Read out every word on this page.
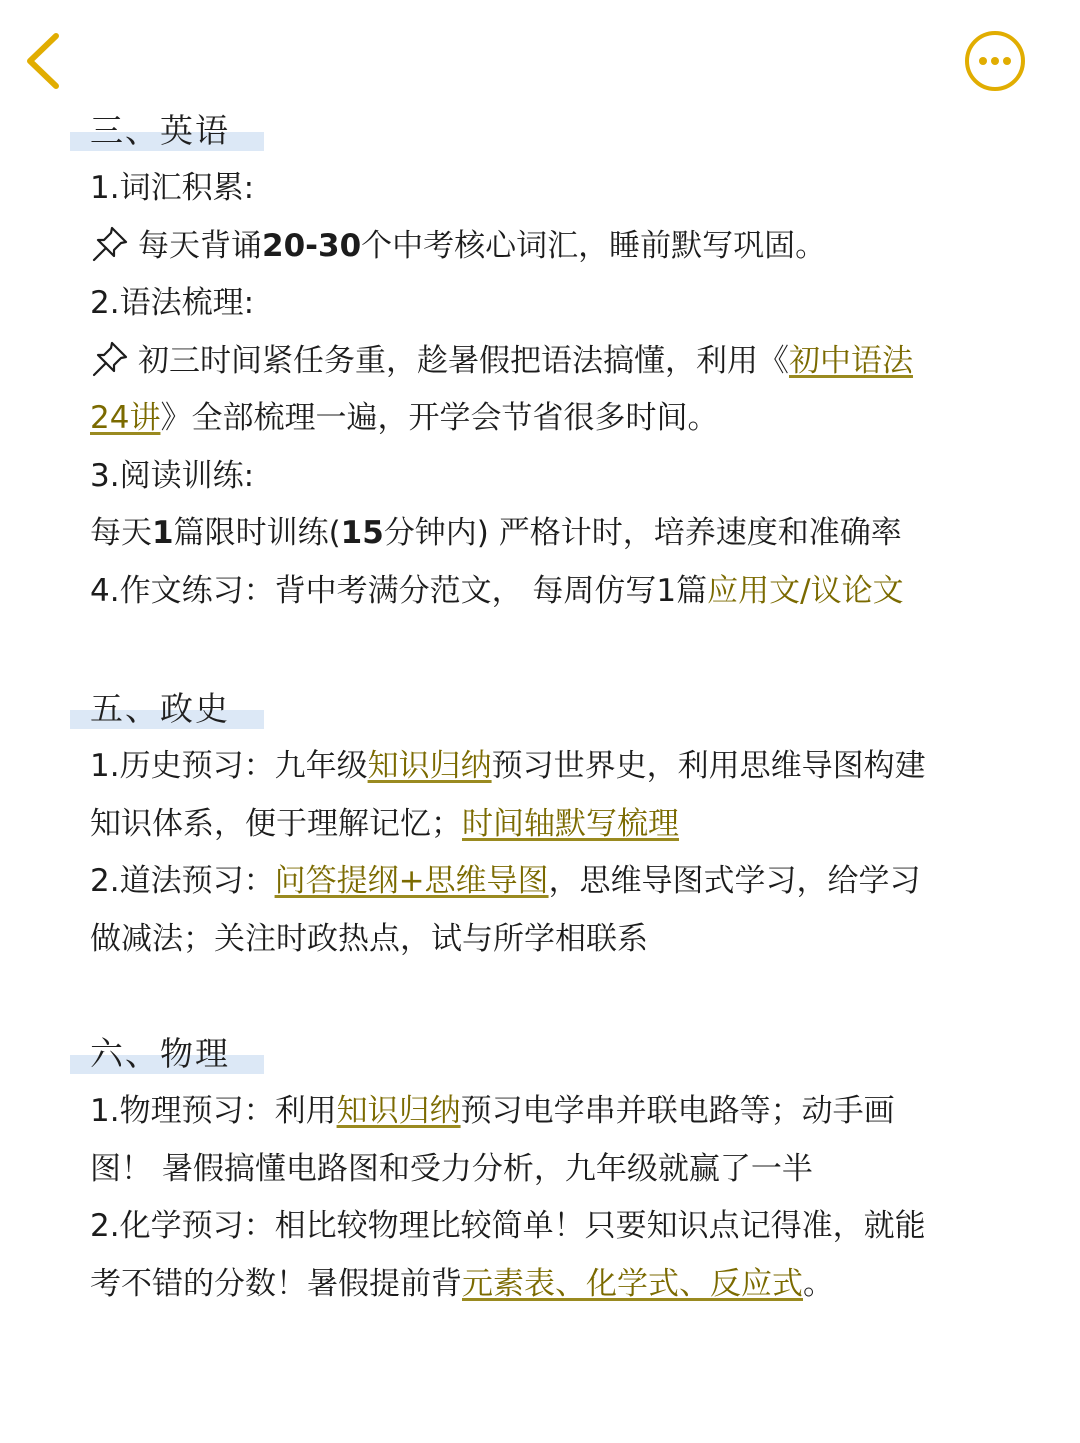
三、英语
1.词汇积累:
每天背诵20-30个中考核心词汇，睡前默写巩固。
2.语法梳理:
初三时间紧任务重，趁暑假把语法搞懂，利用《初中语法
24讲》全部梳理一遍，开学会节省很多时间。
3.阅读训练:
每天1篇限时训练(15分钟内) 严格计时，培养速度和准确率
4.作文练习：背中考满分范文， 每周仿写1篇应用文/议论文
五、政史
1.历史预习：九年级知识归纳预习世界史，利用思维导图构建
知识体系，便于理解记忆；时间轴默写梳理
2.道法预习：问答提纲+思维导图，思维导图式学习，给学习
做减法；关注时政热点，试与所学相联系
六、物理
1.物理预习：利用知识归纳预习电学串并联电路等；动手画
图！ 暑假搞懂电路图和受力分析，九年级就赢了一半
2.化学预习：相比较物理比较简单！只要知识点记得准，就能
考不错的分数！暑假提前背元素表、化学式、反应式。
